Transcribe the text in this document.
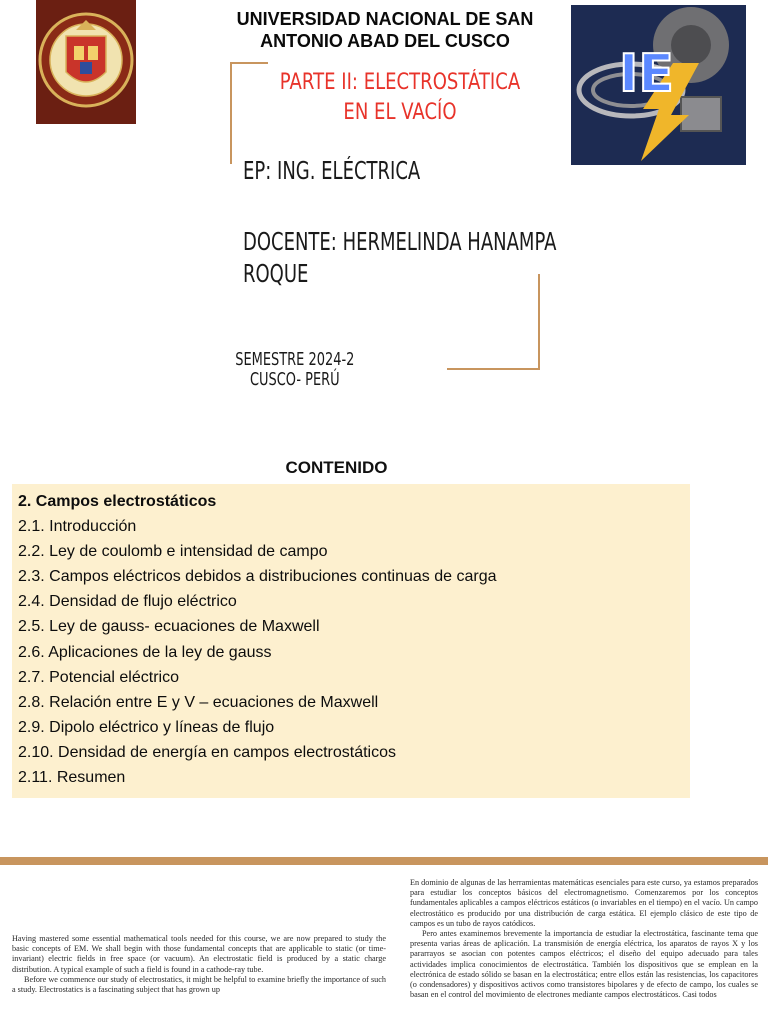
UNIVERSIDAD NACIONAL DE SAN ANTONIO ABAD DEL CUSCO
IE
PARTE II: ELECTROSTÁTICA EN EL VACÍO
EP: ING. ELÉCTRICA
DOCENTE: HERMELINDA HANAMPA ROQUE
SEMESTRE 2024-2
CUSCO- PERÚ
CONTENIDO
2. Campos electrostáticos
2.1. Introducción
2.2. Ley de coulomb e intensidad de campo
2.3. Campos eléctricos debidos a distribuciones continuas de carga
2.4. Densidad de flujo eléctrico
2.5. Ley de gauss- ecuaciones de Maxwell
2.6. Aplicaciones de la ley de gauss
2.7. Potencial eléctrico
2.8. Relación entre E y V – ecuaciones de Maxwell
2.9. Dipolo eléctrico y líneas de flujo
2.10. Densidad de energía en campos electrostáticos
2.11. Resumen

Having mastered some essential mathematical tools needed for this course, we are now prepared to study the basic concepts of EM. We shall begin with those fundamental concepts that are applicable to static (or time-invariant) electric fields in free space (or vacuum). An electrostatic field is produced by a static charge distribution. A typical example of such a field is found in a cathode-ray tube.

Before we commence our study of electrostatics, it might be helpful to examine briefly the importance of such a study. Electrostatics is a fascinating subject that has grown up

En dominio de algunas de las herramientas matemáticas esenciales para este curso, ya estamos preparados para estudiar los conceptos básicos del electromagnetismo. Comenzaremos por los conceptos fundamentales aplicables a campos eléctricos estáticos (o invariables en el tiempo) en el vacío. Un campo electrostático es producido por una distribución de carga estática. El ejemplo clásico de este tipo de campos es un tubo de rayos catódicos.

Pero antes examinemos brevemente la importancia de estudiar la electrostática, fascinante tema que presenta varias áreas de aplicación. La transmisión de energía eléctrica, los aparatos de rayos X y los pararrayos se asocian con potentes campos eléctricos; el diseño del equipo adecuado para tales actividades implica conocimientos de electrostática. También los dispositivos que se emplean en la electrónica de estado sólido se basan en la electrostática; entre ellos están las resistencias, los capacitores (o condensadores) y dispositivos activos como transistores bipolares y de efecto de campo, los cuales se basan en el control del movimiento de electrones mediante campos electrostáticos. Casi todos
